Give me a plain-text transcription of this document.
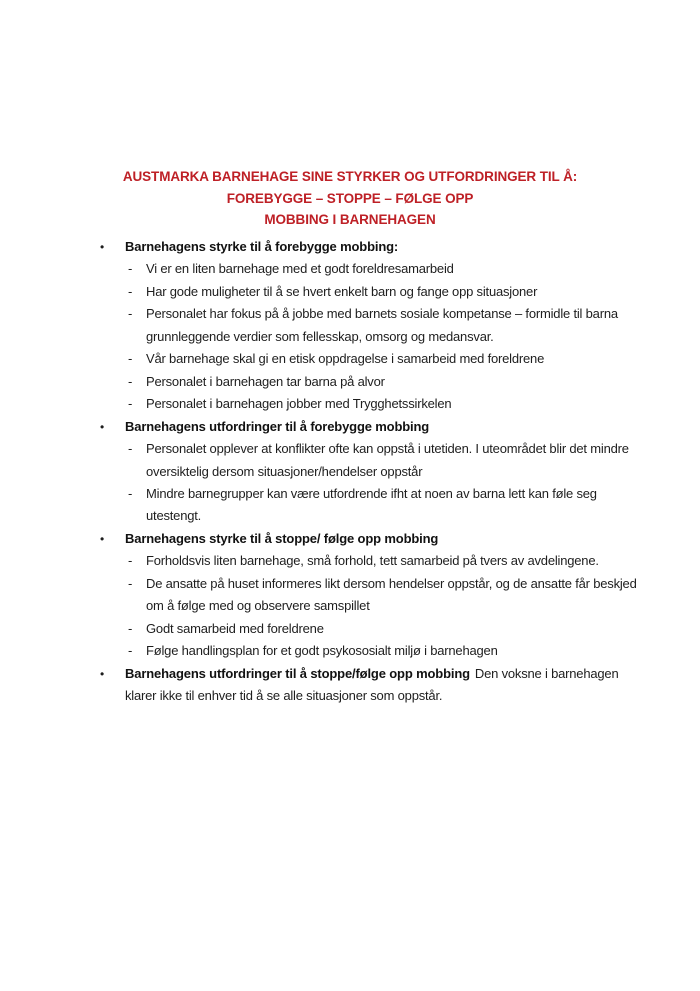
AUSTMARKA BARNEHAGE SINE STYRKER OG UTFORDRINGER TIL Å:
FOREBYGGE – STOPPE – FØLGE OPP
MOBBING I BARNEHAGEN
•	Barnehagens styrke til å forebygge mobbing:
-	Vi er en liten barnehage med et godt foreldresamarbeid
-	Har gode muligheter til å se hvert enkelt barn og fange opp situasjoner
-	Personalet har fokus på å jobbe med barnets sosiale kompetanse – formidle til barna grunnleggende verdier som fellesskap, omsorg og medansvar.
-	Vår barnehage skal gi en etisk oppdragelse i samarbeid med foreldrene
-	Personalet i barnehagen tar barna på alvor
-	Personalet i barnehagen jobber med Trygghetssirkelen
•	Barnehagens utfordringer til å forebygge mobbing
-	Personalet opplever at konflikter ofte kan oppstå i utetiden. I uteområdet blir det mindre oversiktelig dersom situasjoner/hendelser oppstår
-	Mindre barnegrupper kan være utfordrende ifht at noen av barna lett kan føle seg utestengt.
•	Barnehagens styrke til å stoppe/ følge opp mobbing
-	Forholdsvis liten barnehage, små forhold, tett samarbeid på tvers av avdelingene.
-	De ansatte på huset informeres likt dersom hendelser oppstår, og de ansatte får beskjed om å følge med og observere samspillet
-	Godt samarbeid med foreldrene
-	Følge handlingsplan for et godt psykososialt miljø i barnehagen
•	Barnehagens utfordringer til å stoppe/følge opp mobbing Den voksne i barnehagen klarer ikke til enhver tid å se alle situasjoner som oppstår.
